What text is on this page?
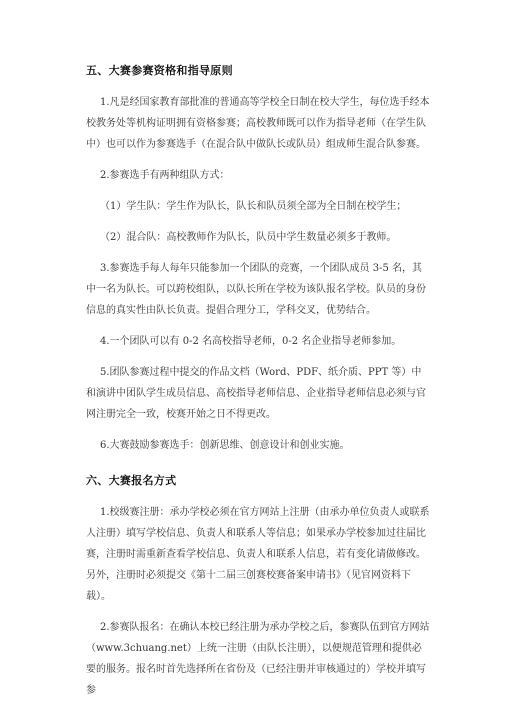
五、大赛参赛资格和指导原则

1.凡是经国家教育部批准的普通高等学校全日制在校大学生，每位选手经本校教务处等机构证明拥有资格参赛；高校教师既可以作为指导老师（在学生队中）也可以作为参赛选手（在混合队中做队长或队员）组成师生混合队参赛。

2.参赛选手有两种组队方式：

（1）学生队：学生作为队长，队长和队员须全部为全日制在校学生；

（2）混合队：高校教师作为队长，队员中学生数量必须多于教师。

3.参赛选手每人每年只能参加一个团队的竞赛，一个团队成员 3-5 名，其中一名为队长。可以跨校组队，以队长所在学校为该队报名学校。队员的身份信息的真实性由队长负责。提倡合理分工，学科交叉，优势结合。

4.一个团队可以有 0-2 名高校指导老师，0-2 名企业指导老师参加。

5.团队参赛过程中提交的作品文档（Word、PDF、纸介质、PPT 等）中和演讲中团队学生成员信息、高校指导老师信息、企业指导老师信息必须与官网注册完全一致，校赛开始之日不得更改。

6.大赛鼓励参赛选手：创新思维、创意设计和创业实施。

六、大赛报名方式

1.校级赛注册：承办学校必须在官方网站上注册（由承办单位负责人或联系人注册）填写学校信息、负责人和联系人等信息；如果承办学校参加过往届比赛，注册时需重新查看学校信息、负责人和联系人信息，若有变化请做修改。另外，注册时必须提交《第十二届三创赛校赛备案申请书》（见官网资料下载）。

2.参赛队报名：在确认本校已经注册为承办学校之后，参赛队伍到官方网站（www.3chuang.net）上统一注册（由队长注册），以便规范管理和提供必要的服务。报名时首先选择所在省份及（已经注册并审核通过的）学校并填写参
